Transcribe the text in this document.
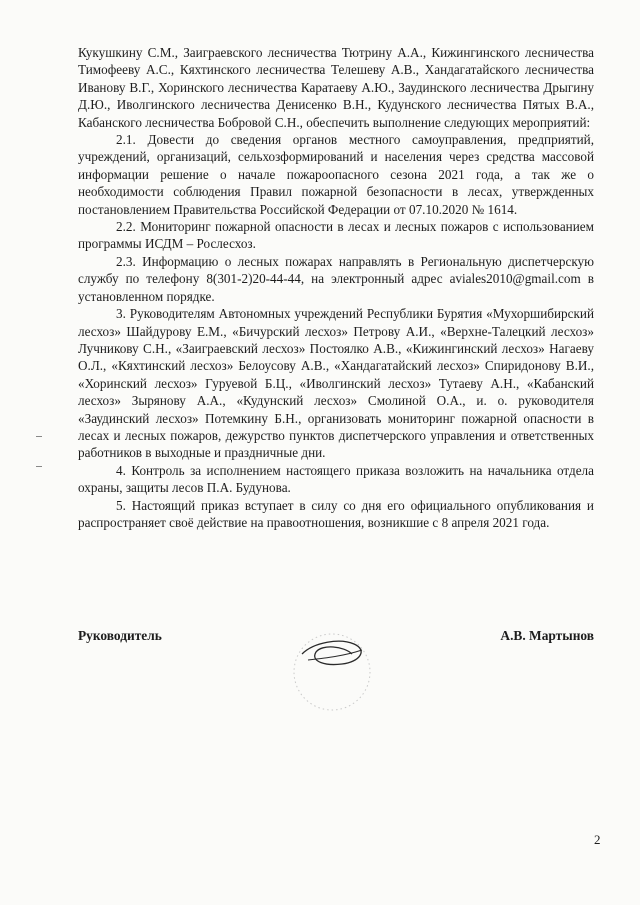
Кукушкину С.М., Заиграевского лесничества Тютрину А.А., Кижингинского лесничества Тимофееву А.С., Кяхтинского лесничества Телешеву А.В., Хандагатайского лесничества Иванову В.Г., Хоринского лесничества Каратаеву А.Ю., Заудинского лесничества Дрыгину Д.Ю., Иволгинского лесничества Денисенко В.Н., Кудунского лесничества Пятых В.А., Кабанского лесничества Бобровой С.Н., обеспечить выполнение следующих мероприятий:

2.1. Довести до сведения органов местного самоуправления, предприятий, учреждений, организаций, сельхозформирований и населения через средства массовой информации решение о начале пожароопасного сезона 2021 года, а так же о необходимости соблюдения Правил пожарной безопасности в лесах, утвержденных постановлением Правительства Российской Федерации от 07.10.2020 № 1614.

2.2. Мониторинг пожарной опасности в лесах и лесных пожаров с использованием программы ИСДМ – Рослесхоз.

2.3. Информацию о лесных пожарах направлять в Региональную диспетчерскую службу по телефону 8(301-2)20-44-44, на электронный адрес aviales2010@gmail.com в установленном порядке.

3. Руководителям Автономных учреждений Республики Бурятия «Мухоршибирский лесхоз» Шайдурову Е.М., «Бичурский лесхоз» Петрову А.И., «Верхне-Талецкий лесхоз» Лучникову С.Н., «Заиграевский лесхоз» Постоялко А.В., «Кижингинский лесхоз» Нагаеву О.Л., «Кяхтинский лесхоз» Белоусову А.В., «Хандагатайский лесхоз» Спиридонову В.И., «Хоринский лесхоз» Гуруевой Б.Ц., «Иволгинский лесхоз» Тутаеву А.Н., «Кабанский лесхоз» Зырянову А.А., «Кудунский лесхоз» Смолиной О.А., и. о. руководителя «Заудинский лесхоз» Потемкину Б.Н., организовать мониторинг пожарной опасности в лесах и лесных пожаров, дежурство пунктов диспетчерского управления и ответственных работников в выходные и праздничные дни.

4. Контроль за исполнением настоящего приказа возложить на начальника отдела охраны, защиты лесов П.А. Будунова.

5. Настоящий приказ вступает в силу со дня его официального опубликования и распространяет своё действие на правоотношения, возникшие с 8 апреля 2021 года.

Руководитель	А.В. Мартынов
2
